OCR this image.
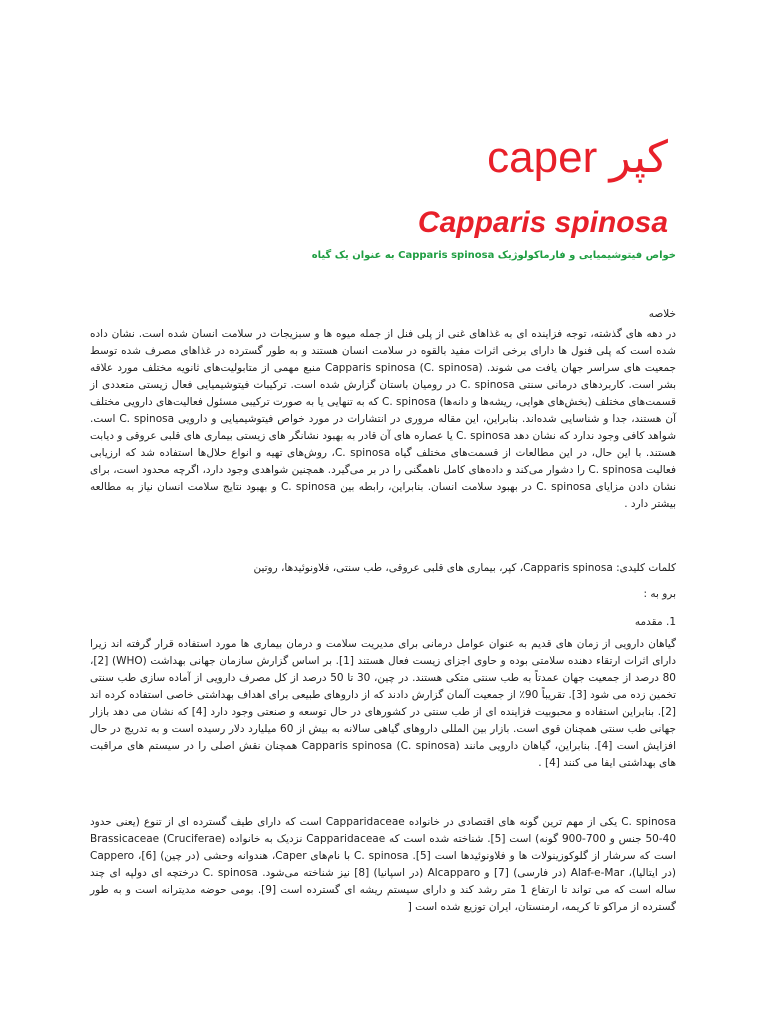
caper کپر
Capparis spinosa
خواص فیتوشیمیایی و فارماکولوژیک Capparis spinosa به عنوان یک گیاه
خلاصه
در دهه های گذشته، توجه فزاینده ای به غذاهای غنی از پلی فنل از جمله میوه ها و سبزیجات در سلامت انسان شده است. نشان داده شده است که پلی فنول ها دارای برخی اثرات مفید بالقوه در سلامت انسان هستند و به طور گسترده در غذاهای مصرف شده توسط جمعیت های سراسر جهان یافت می شوند. Capparis spinosa (C. spinosa) منبع مهمی از متابولیت‌های ثانویه مختلف مورد علاقه بشر است. کاربردهای درمانی سنتی C. spinosa در رومیان باستان گزارش شده است. ترکیبات فیتوشیمیایی فعال زیستی متعددی از قسمت‌های مختلف (بخش‌های هوایی، ریشه‌ها و دانه‌ها) C. spinosa که به تنهایی یا به صورت ترکیبی مسئول فعالیت‌های دارویی مختلف آن هستند، جدا و شناسایی شده‌اند. بنابراین، این مقاله مروری در انتشارات در مورد خواص فیتوشیمیایی و دارویی C. spinosa است. شواهد کافی وجود ندارد که نشان دهد C. spinosa یا عصاره های آن قادر به بهبود نشانگر های زیستی بیماری های قلبی عروقی و دیابت هستند. با این حال، در این مطالعات از قسمت‌های مختلف گیاه C. spinosa، روش‌های تهیه و انواع حلال‌ها استفاده شد که ارزیابی فعالیت C. spinosa را دشوار می‌کند و داده‌های کامل ناهمگنی را در بر می‌گیرد. همچنین شواهدی وجود دارد، اگرچه محدود است، برای نشان دادن مزایای C. spinosa در بهبود سلامت انسان. بنابراین، رابطه بین C. spinosa و بهبود نتایج سلامت انسان نیاز به مطالعه بیشتر دارد .
کلمات کلیدی: Capparis spinosa، کپر، بیماری های قلبی عروقی، طب سنتی، فلاونوئیدها، روتین
برو به :
1. مقدمه
گیاهان دارویی از زمان های قدیم به عنوان عوامل درمانی برای مدیریت سلامت و درمان بیماری ها مورد استفاده قرار گرفته اند زیرا دارای اثرات ارتقاء دهنده سلامتی بوده و حاوی اجزای زیست فعال هستند [1]. بر اساس گزارش سازمان جهانی بهداشت (WHO) [2]، 80 درصد از جمعیت جهان عمدتاً به طب سنتی متکی هستند. در چین، 30 تا 50 درصد از کل مصرف دارویی از آماده سازی طب سنتی تخمین زده می شود [3]. تقریباً 90٪ از جمعیت آلمان گزارش دادند که از داروهای طبیعی برای اهداف بهداشتی خاصی استفاده کرده اند [2]. بنابراین استفاده و محبوبیت فزاینده ای از طب سنتی در کشورهای در حال توسعه و صنعتی وجود دارد [4] که نشان می دهد بازار جهانی طب سنتی همچنان قوی است. بازار بین المللی داروهای گیاهی سالانه به بیش از 60 میلیارد دلار رسیده است و به تدریج در حال افزایش است [4]. بنابراین، گیاهان دارویی مانند Capparis spinosa (C. spinosa) همچنان نقش اصلی را در سیستم های مراقبت های بهداشتی ایفا می کنند [4] .
C. spinosa یکی از مهم ترین گونه های اقتصادی در خانواده Capparidaceae است که دارای طیف گسترده ای از تنوع (یعنی حدود 40-50 جنس و 700-900 گونه) است [5]. شناخته شده است که Capparidaceae نزدیک به خانواده Brassicaceae (Cruciferae) است که سرشار از گلوکوزینولات ها و فلاونوئیدها است [5]. C. spinosa با نام‌های Caper، هندوانه وحشی (در چین) [6]، Cappero (در ایتالیا)، Alaf-e-Mar (در فارسی) [7] و Alcapparo (در اسپانیا) [8] نیز شناخته می‌شود. C. spinosa درختچه ای دولپه ای چند ساله است که می تواند تا ارتفاع 1 متر رشد کند و دارای سیستم ریشه ای گسترده است [9]. بومی حوضه مدیترانه است و به طور گسترده از مراکو تا کریمه، ارمنستان، ایران توزیع شده است [
